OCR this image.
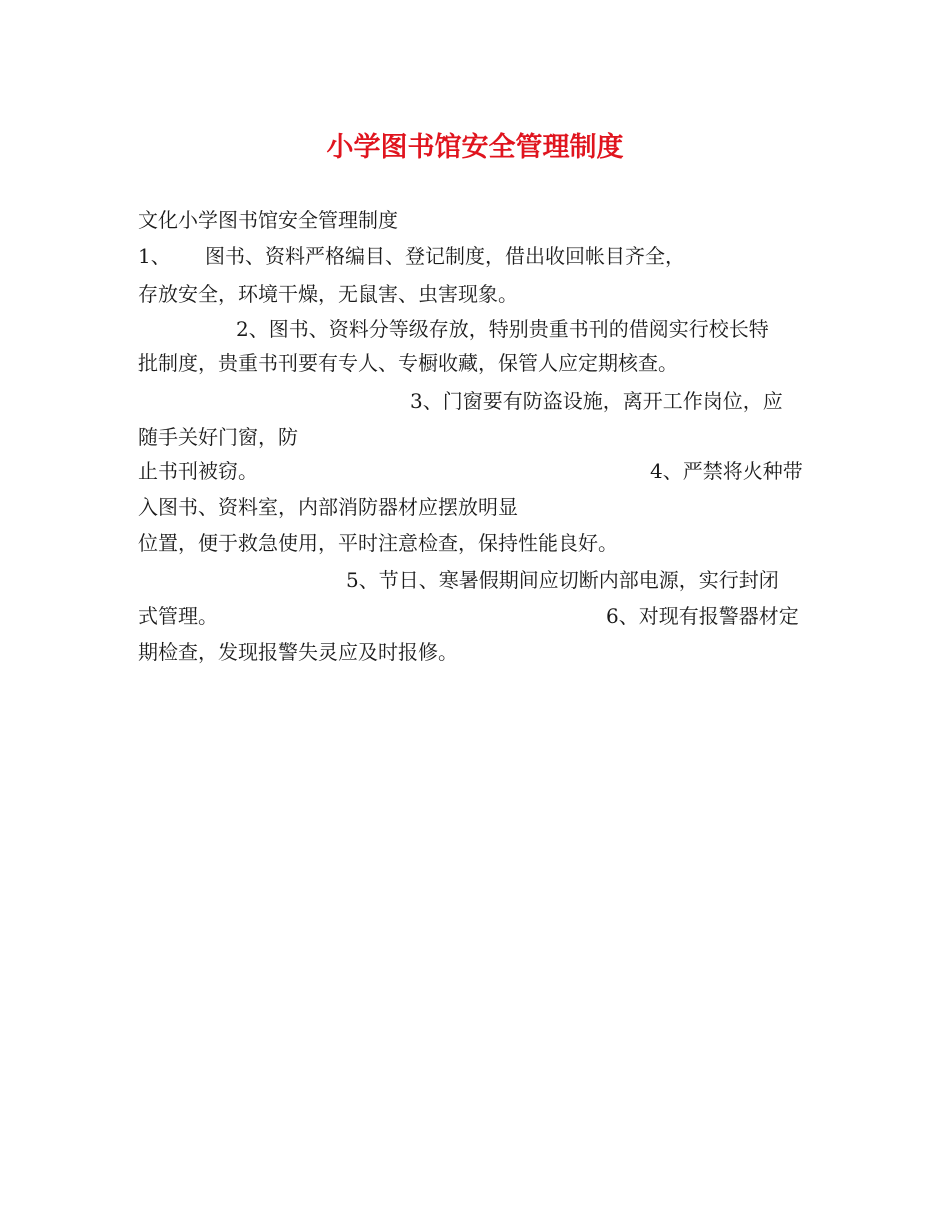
小学图书馆安全管理制度

文化小学图书馆安全管理制度

1、 图书、资料严格编目、登记制度，借出收回帐目齐全，

存放安全，环境干燥，无鼠害、虫害现象。

2、图书、资料分等级存放，特别贵重书刊的借阅实行校长特

批制度，贵重书刊要有专人、专橱收藏，保管人应定期核查。

3、门窗要有防盗设施，离开工作岗位，应

随手关好门窗，防

止书刊被窃。	4、严禁将火种带

入图书、资料室，内部消防器材应摆放明显

位置，便于救急使用，平时注意检查，保持性能良好。

5、节日、寒暑假期间应切断内部电源，实行封闭

式管理。	6、对现有报警器材定

期检查，发现报警失灵应及时报修。
